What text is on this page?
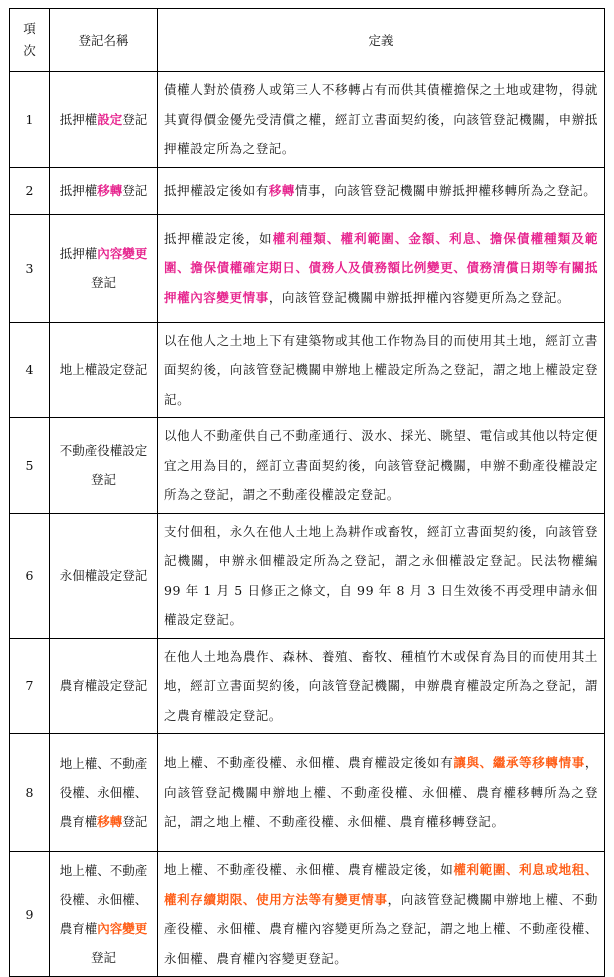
項
次	登記名稱	定義
1	抵押權設定登記	債權人對於債務人或第三人不移轉占有而供其債權擔保之土地或建物，得就其賣得價金優先受清償之權，經訂立書面契約後，向該管登記機關，申辦抵押權設定所為之登記。
2	抵押權移轉登記	抵押權設定後如有移轉情事，向該管登記機關申辦抵押權移轉所為之登記。
3	抵押權內容變更登記	抵押權設定後，如權利種類、權利範圍、金額、利息、擔保債權種類及範圍、擔保債權確定期日、債務人及債務額比例變更、債務清償日期等有關抵押權內容變更情事，向該管登記機關申辦抵押權內容變更所為之登記。
4	地上權設定登記	以在他人之土地上下有建築物或其他工作物為目的而使用其土地，經訂立書面契約後，向該管登記機關申辦地上權設定所為之登記，謂之地上權設定登記。
5	不動產役權設定登記	以他人不動產供自己不動產通行、汲水、採光、眺望、電信或其他以特定便宜之用為目的，經訂立書面契約後，向該管登記機關，申辦不動產役權設定所為之登記，謂之不動產役權設定登記。
6	永佃權設定登記	支付佃租，永久在他人土地上為耕作或畜牧，經訂立書面契約後，向該管登記機關，申辦永佃權設定所為之登記，謂之永佃權設定登記。民法物權編 99 年 1 月 5 日修正之條文，自 99 年 8 月 3 日生效後不再受理申請永佃權設定登記。
7	農育權設定登記	在他人土地為農作、森林、養殖、畜牧、種植竹木或保育為目的而使用其土地，經訂立書面契約後，向該管登記機關，申辦農育權設定所為之登記，謂之農育權設定登記。
8	地上權、不動產役權、永佃權、農育權移轉登記	地上權、不動產役權、永佃權、農育權設定後如有讓與、繼承等移轉情事，向該管登記機關申辦地上權、不動產役權、永佃權、農育權移轉所為之登記，謂之地上權、不動產役權、永佃權、農育權移轉登記。
9	地上權、不動產役權、永佃權、農育權內容變更登記	地上權、不動產役權、永佃權、農育權設定後，如權利範圍、利息或地租、權利存續期限、使用方法等有變更情事，向該管登記機關申辦地上權、不動產役權、永佃權、農育權內容變更所為之登記，謂之地上權、不動產役權、永佃權、農育權內容變更登記。
